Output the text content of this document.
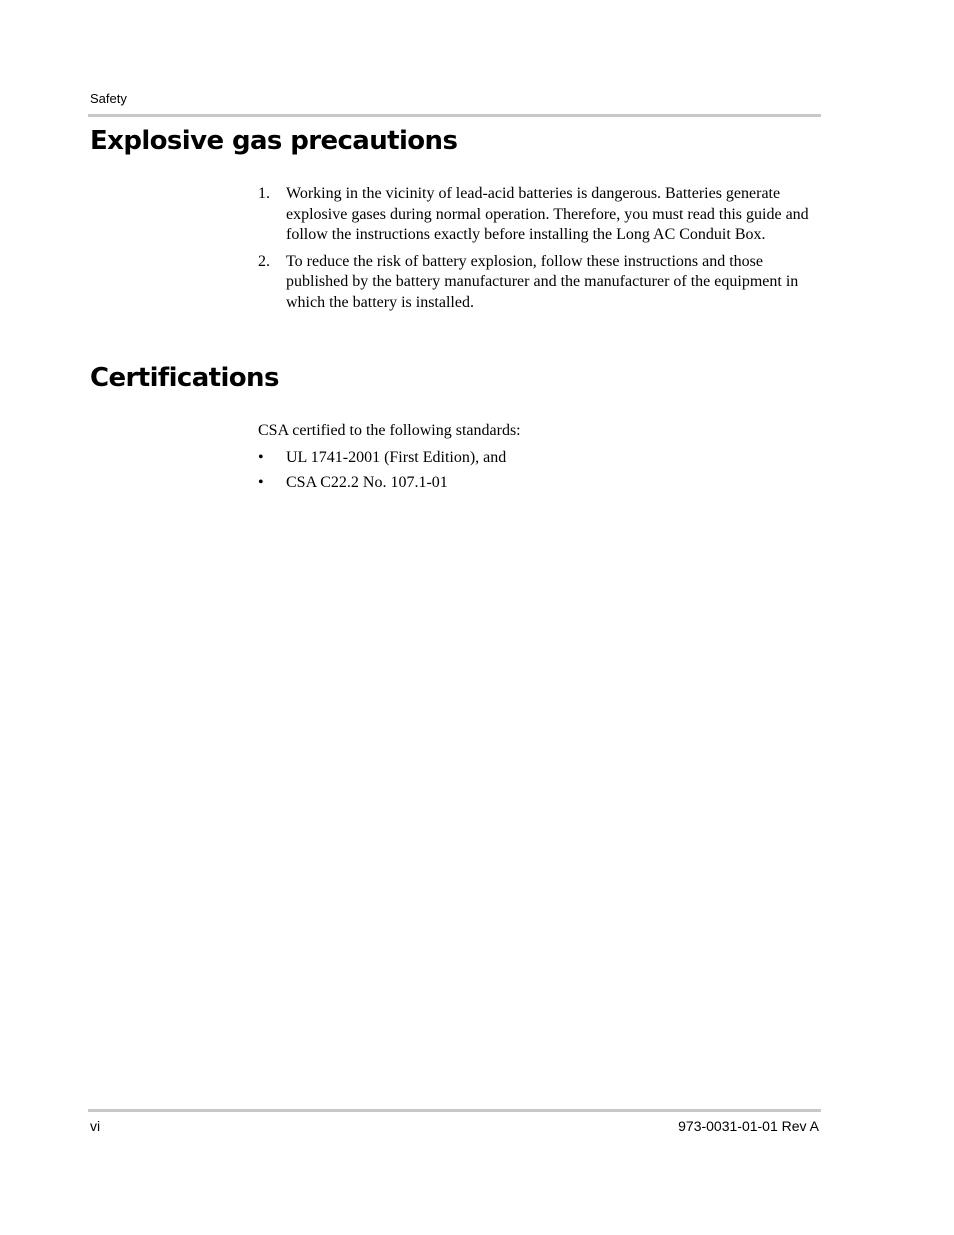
Safety
Explosive gas precautions
1. Working in the vicinity of lead-acid batteries is dangerous. Batteries generate explosive gases during normal operation. Therefore, you must read this guide and follow the instructions exactly before installing the Long AC Conduit Box.
2. To reduce the risk of battery explosion, follow these instructions and those published by the battery manufacturer and the manufacturer of the equipment in which the battery is installed.
Certifications

CSA certified to the following standards:

• UL 1741-2001 (First Edition), and
• CSA C22.2 No. 107.1-01
vi	973-0031-01-01 Rev A
